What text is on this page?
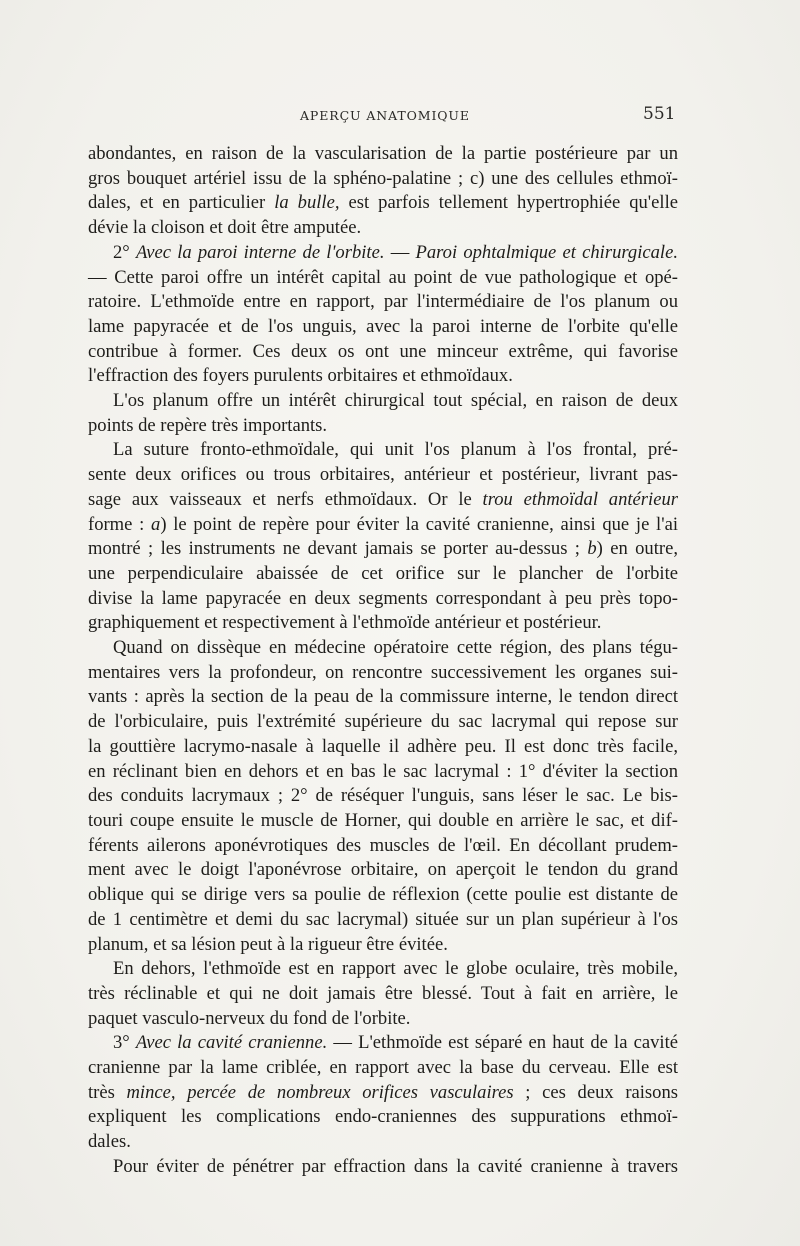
APERÇU ANATOMIQUE	551
abondantes, en raison de la vascularisation de la partie postérieure par un
gros bouquet artériel issu de la sphéno-palatine ; c) une des cellules ethmoï-
dales, et en particulier la bulle, est parfois tellement hypertrophiée qu'elle
dévie la cloison et doit être amputée.
2° Avec la paroi interne de l'orbite. — Paroi ophtalmique et chirurgicale.
— Cette paroi offre un intérêt capital au point de vue pathologique et opé-
ratoire. L'ethmoïde entre en rapport, par l'intermédiaire de l'os planum ou
lame papyracée et de l'os unguis, avec la paroi interne de l'orbite qu'elle
contribue à former. Ces deux os ont une minceur extrême, qui favorise
l'effraction des foyers purulents orbitaires et ethmoïdaux.
L'os planum offre un intérêt chirurgical tout spécial, en raison de deux
points de repère très importants.
La suture fronto-ethmoïdale, qui unit l'os planum à l'os frontal, pré-
sente deux orifices ou trous orbitaires, antérieur et postérieur, livrant pas-
sage aux vaisseaux et nerfs ethmoïdaux. Or le trou ethmoïdal antérieur
forme : a) le point de repère pour éviter la cavité cranienne, ainsi que je l'ai
montré ; les instruments ne devant jamais se porter au-dessus ; b) en outre,
une perpendiculaire abaissée de cet orifice sur le plancher de l'orbite
divise la lame papyracée en deux segments correspondant à peu près topo-
graphiquement et respectivement à l'ethmoïde antérieur et postérieur.
Quand on dissèque en médecine opératoire cette région, des plans tégu-
mentaires vers la profondeur, on rencontre successivement les organes sui-
vants : après la section de la peau de la commissure interne, le tendon direct
de l'orbiculaire, puis l'extrémité supérieure du sac lacrymal qui repose sur
la gouttière lacrymo-nasale à laquelle il adhère peu. Il est donc très facile,
en réclinant bien en dehors et en bas le sac lacrymal : 1° d'éviter la section
des conduits lacrymaux ; 2° de réséquer l'unguis, sans léser le sac. Le bis-
touri coupe ensuite le muscle de Horner, qui double en arrière le sac, et dif-
férents ailerons aponévrotiques des muscles de l'œil. En décollant prudem-
ment avec le doigt l'aponévrose orbitaire, on aperçoit le tendon du grand
oblique qui se dirige vers sa poulie de réflexion (cette poulie est distante de
de 1 centimètre et demi du sac lacrymal) située sur un plan supérieur à l'os
planum, et sa lésion peut à la rigueur être évitée.
En dehors, l'ethmoïde est en rapport avec le globe oculaire, très mobile,
très réclinable et qui ne doit jamais être blessé. Tout à fait en arrière, le
paquet vasculo-nerveux du fond de l'orbite.
3° Avec la cavité cranienne. — L'ethmoïde est séparé en haut de la cavité
cranienne par la lame criblée, en rapport avec la base du cerveau. Elle est
très mince, percée de nombreux orifices vasculaires ; ces deux raisons
expliquent les complications endo-craniennes des suppurations ethmoï-
dales.
Pour éviter de pénétrer par effraction dans la cavité cranienne à travers
